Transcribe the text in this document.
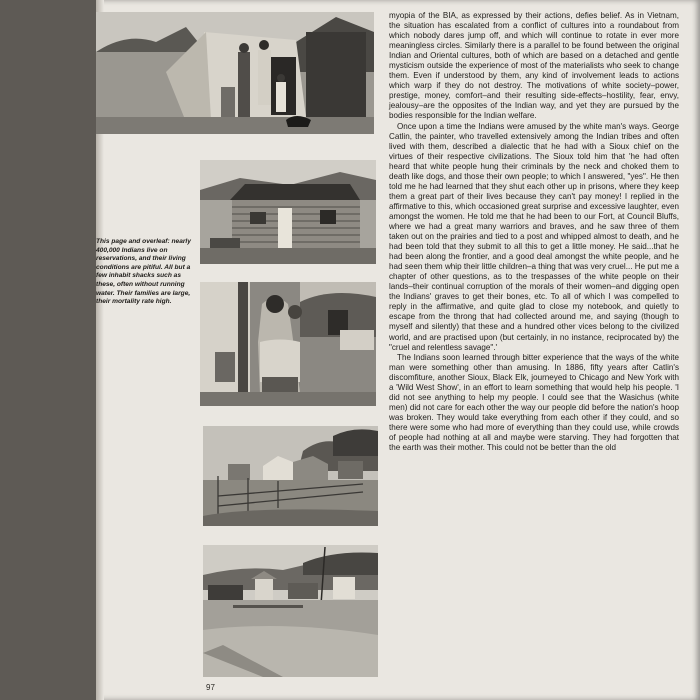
This page and overleaf: nearly 400,000 Indians live on reservations, and their living conditions are pitiful. All but a few inhabit shacks such as these, often without running water. Their families are large, their mortality rate high.

myopia of the BIA, as expressed by their actions, defies belief. As in Vietnam, the situation has escalated from a conflict of cultures into a roundabout from which nobody dares jump off, and which will continue to rotate in ever more meaningless circles. Similarly there is a parallel to be found between the original Indian and Oriental cultures, both of which are based on a detached and gentle mysticism outside the experience of most of the materialists who seek to change them. Even if understood by them, any kind of involvement leads to actions which warp if they do not destroy. The motivations of white society–power, prestige, money, comfort–and their resulting side-effects–hostility, fear, envy, jealousy–are the opposites of the Indian way, and yet they are pursued by the bodies responsible for the Indian welfare.

Once upon a time the Indians were amused by the white man's ways. George Catlin, the painter, who travelled extensively among the Indian tribes and often lived with them, described a dialectic that he had with a Sioux chief on the virtues of their respective civilizations. The Sioux told him that 'he had often heard that white people hung their criminals by the neck and choked them to death like dogs, and those their own people; to which I answered, "yes". He then told me he had learned that they shut each other up in prisons, where they keep them a great part of their lives because they can't pay money! I replied in the affirmative to this, which occasioned great surprise and excessive laughter, even amongst the women. He told me that he had been to our Fort, at Council Bluffs, where we had a great many warriors and braves, and he saw three of them taken out on the prairies and tied to a post and whipped almost to death, and he had been told that they submit to all this to get a little money. He said...that he had been along the frontier, and a good deal amongst the white people, and he had seen them whip their little children–a thing that was very cruel... He put me a chapter of other questions, as to the trespasses of the white people on their lands–their continual corruption of the morals of their women–and digging open the Indians' graves to get their bones, etc. To all of which I was compelled to reply in the affirmative, and quite glad to close my notebook, and quietly to escape from the throng that had collected around me, and saying (though to myself and silently) that these and a hundred other vices belong to the civilized world, and are practised upon (but certainly, in no instance, reciprocated by) the "cruel and relentless savage".'

The Indians soon learned through bitter experience that the ways of the white man were something other than amusing. In 1886, fifty years after Catlin's discomfiture, another Sioux, Black Elk, journeyed to Chicago and New York with a 'Wild West Show', in an effort to learn something that would help his people. 'I did not see anything to help my people. I could see that the Wasichus (white men) did not care for each other the way our people did before the nation's hoop was broken. They would take everything from each other if they could, and so there were some who had more of everything than they could use, while crowds of people had nothing at all and maybe were starving. They had forgotten that the earth was their mother. This could not be better than the old

97
